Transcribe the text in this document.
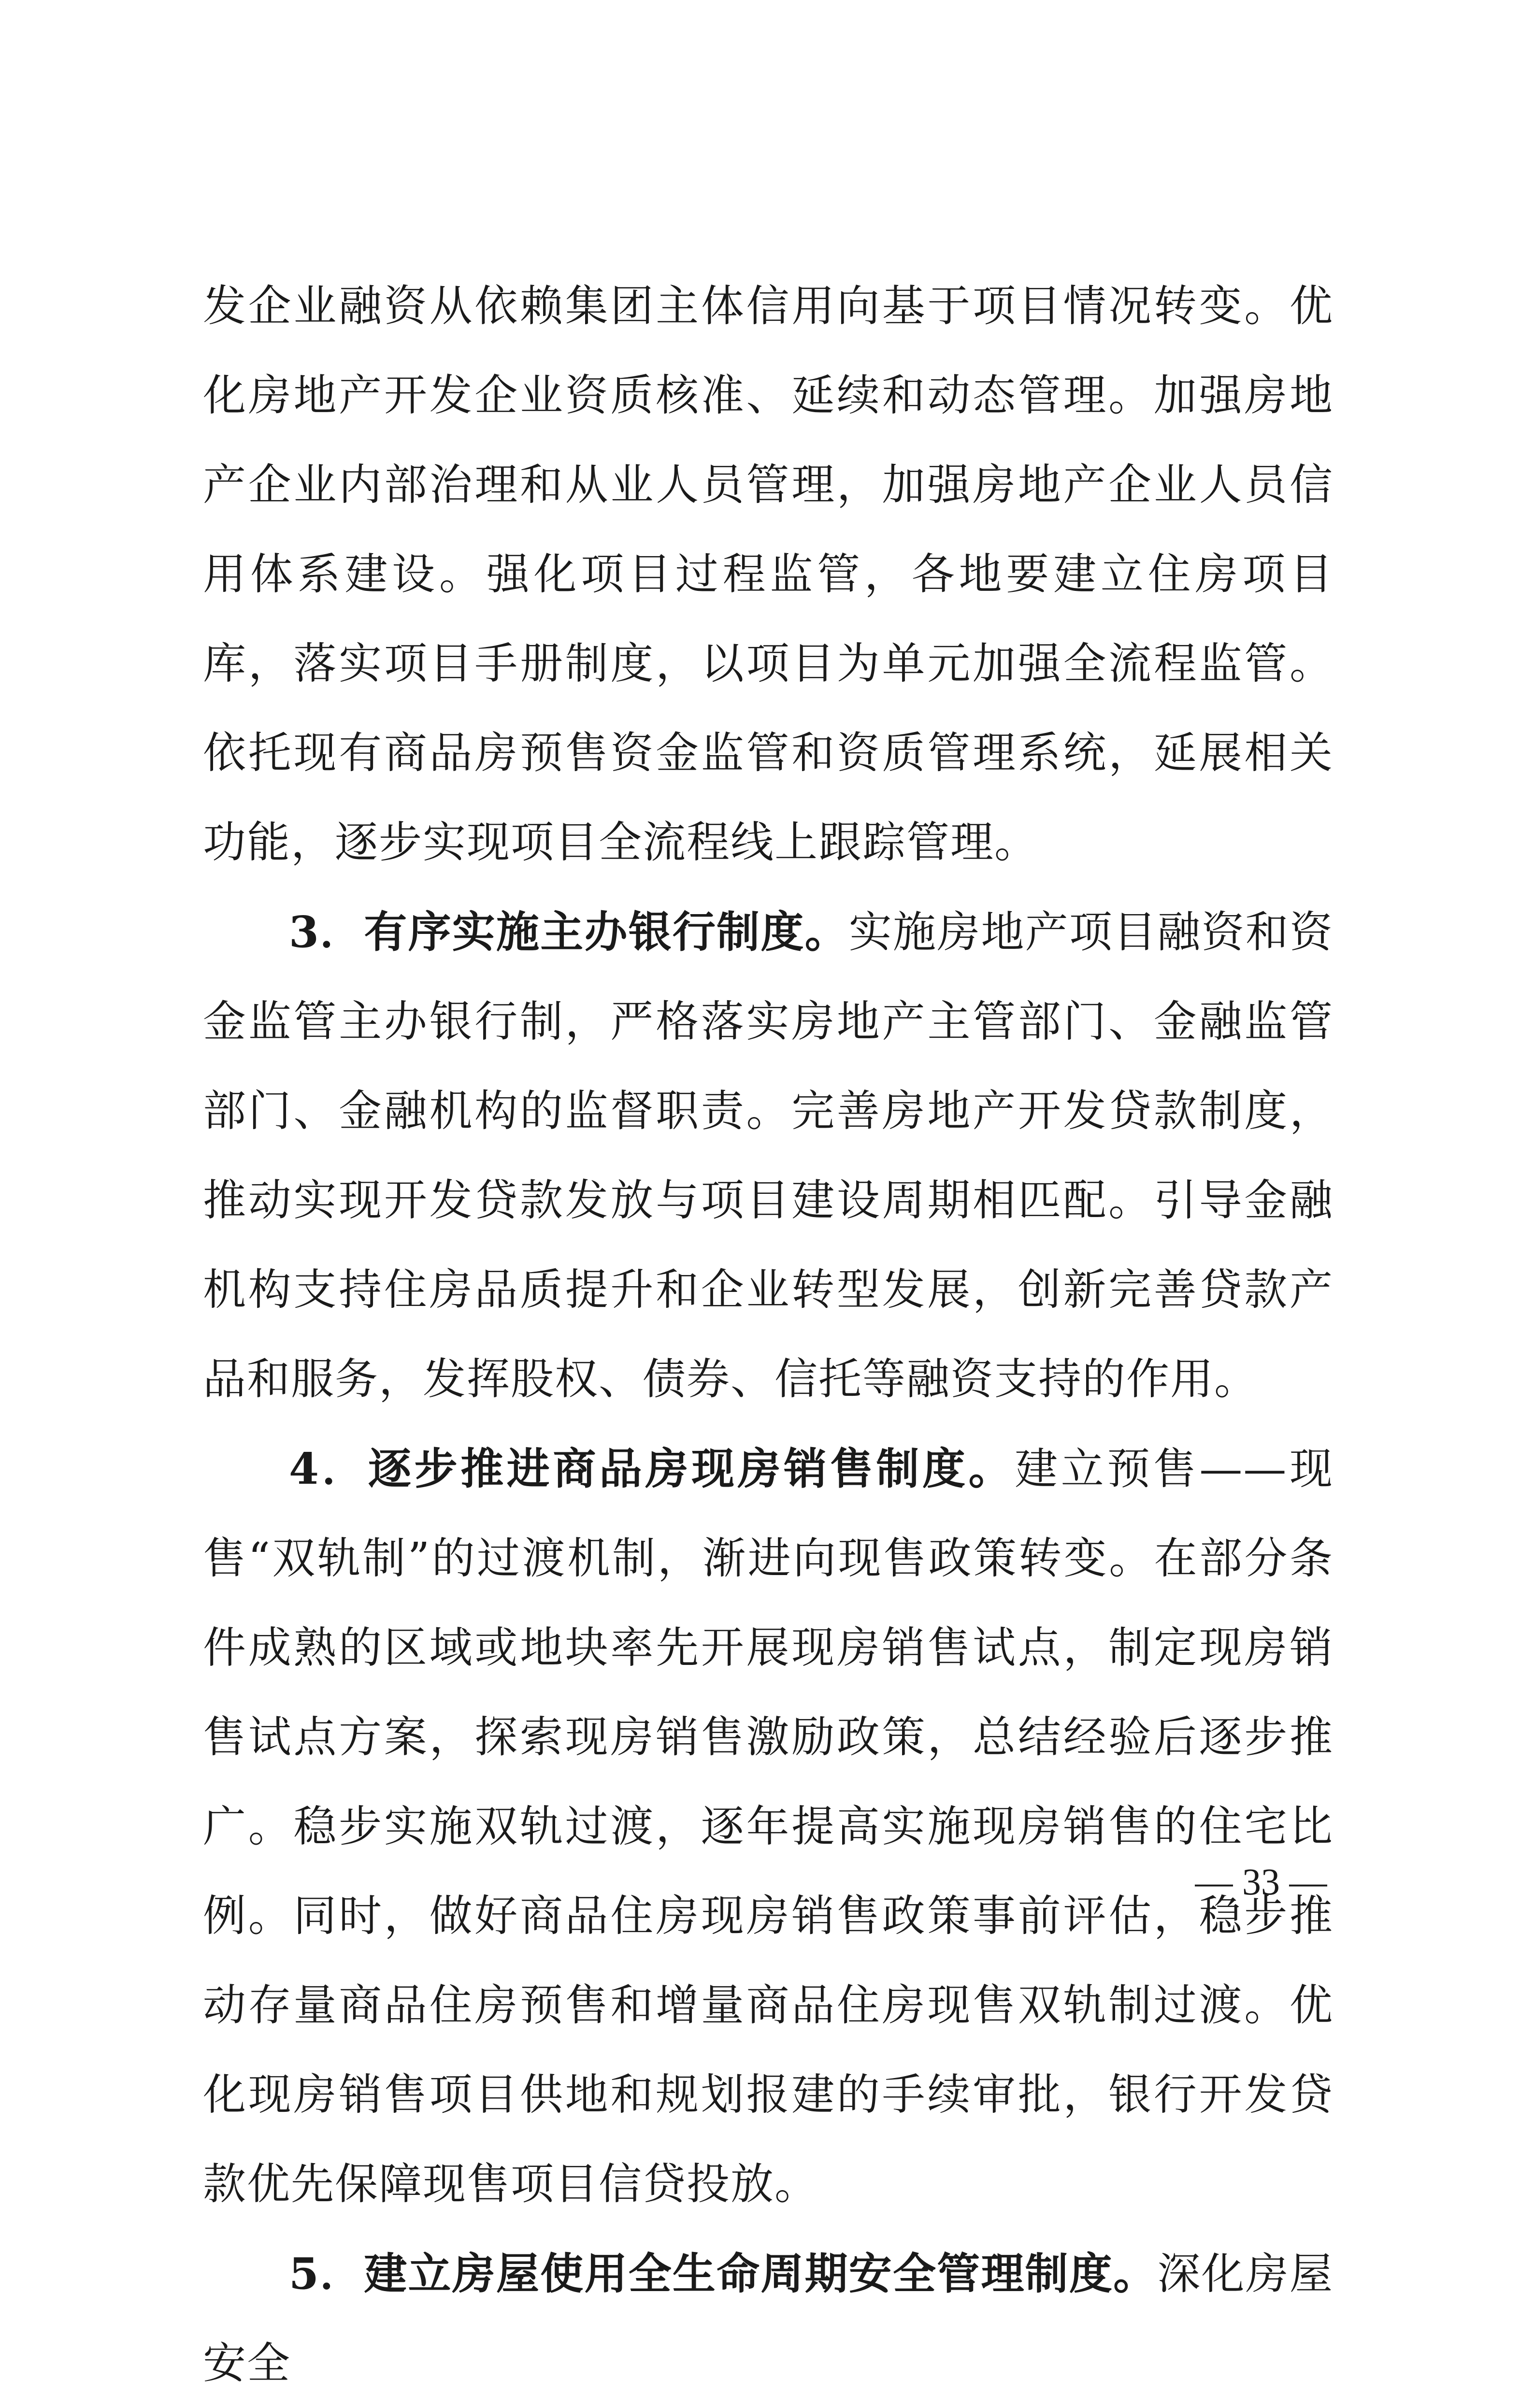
发企业融资从依赖集团主体信用向基于项目情况转变。优化房地产开发企业资质核准、延续和动态管理。加强房地产企业内部治理和从业人员管理，加强房地产企业人员信用体系建设。强化项目过程监管，各地要建立住房项目库，落实项目手册制度，以项目为单元加强全流程监管。依托现有商品房预售资金监管和资质管理系统，延展相关功能，逐步实现项目全流程线上跟踪管理。

3．有序实施主办银行制度。实施房地产项目融资和资金监管主办银行制，严格落实房地产主管部门、金融监管部门、金融机构的监督职责。完善房地产开发贷款制度，推动实现开发贷款发放与项目建设周期相匹配。引导金融机构支持住房品质提升和企业转型发展，创新完善贷款产品和服务，发挥股权、债券、信托等融资支持的作用。

4．逐步推进商品房现房销售制度。建立预售——现售“双轨制”的过渡机制，渐进向现售政策转变。在部分条件成熟的区域或地块率先开展现房销售试点，制定现房销售试点方案，探索现房销售激励政策，总结经验后逐步推广。稳步实施双轨过渡，逐年提高实施现房销售的住宅比例。同时，做好商品住房现房销售政策事前评估，稳步推动存量商品住房预售和增量商品住房现售双轨制过渡。优化现房销售项目供地和规划报建的手续审批，银行开发贷款优先保障现售项目信贷投放。

5．建立房屋使用全生命周期安全管理制度。深化房屋安全

— 33 —
